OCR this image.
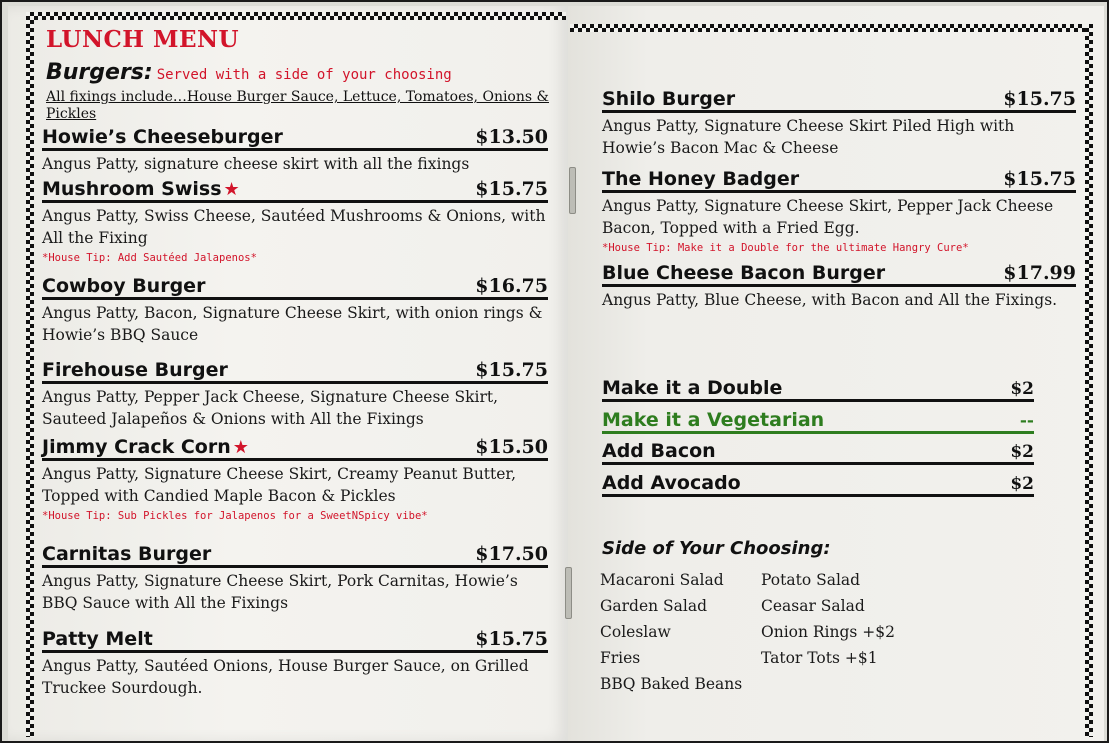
LUNCH MENU
Burgers: Served with a side of your choosing
All fixings include…House Burger Sauce, Lettuce, Tomatoes, Onions & Pickles
Howie’s Cheeseburger	$13.50
Angus Patty, signature cheese skirt with all the fixings
Mushroom Swiss ★	$15.75
Angus Patty, Swiss Cheese, Sautéed Mushrooms & Onions, with All the Fixing
*House Tip: Add Sautéed Jalapenos*
Cowboy Burger	$16.75
Angus Patty, Bacon, Signature Cheese Skirt, with onion rings & Howie’s BBQ Sauce
Firehouse Burger	$15.75
Angus Patty, Pepper Jack Cheese, Signature Cheese Skirt, Sauteed Jalapeños & Onions with All the Fixings
Jimmy Crack Corn ★	$15.50
Angus Patty, Signature Cheese Skirt, Creamy Peanut Butter, Topped with Candied Maple Bacon & Pickles
*House Tip: Sub Pickles for Jalapenos for a SweetNSpicy vibe*
Carnitas Burger	$17.50
Angus Patty, Signature Cheese Skirt, Pork Carnitas, Howie’s BBQ Sauce with All the Fixings
Patty Melt	$15.75
Angus Patty, Sautéed Onions, House Burger Sauce, on Grilled Truckee Sourdough.
Shilo Burger	$15.75
Angus Patty, Signature Cheese Skirt Piled High with Howie’s Bacon Mac & Cheese
The Honey Badger	$15.75
Angus Patty, Signature Cheese Skirt, Pepper Jack Cheese Bacon, Topped with a Fried Egg.
*House Tip: Make it a Double for the ultimate Hangry Cure*
Blue Cheese Bacon Burger	$17.99
Angus Patty, Blue Cheese, with Bacon and All the Fixings.
Make it a Double	$2
Make it a Vegetarian	--
Add Bacon	$2
Add Avocado	$2
Side of Your Choosing:
Macaroni Salad
Garden Salad
Coleslaw
Fries
BBQ Baked Beans
Potato Salad
Ceasar Salad
Onion Rings +$2
Tator Tots +$1
